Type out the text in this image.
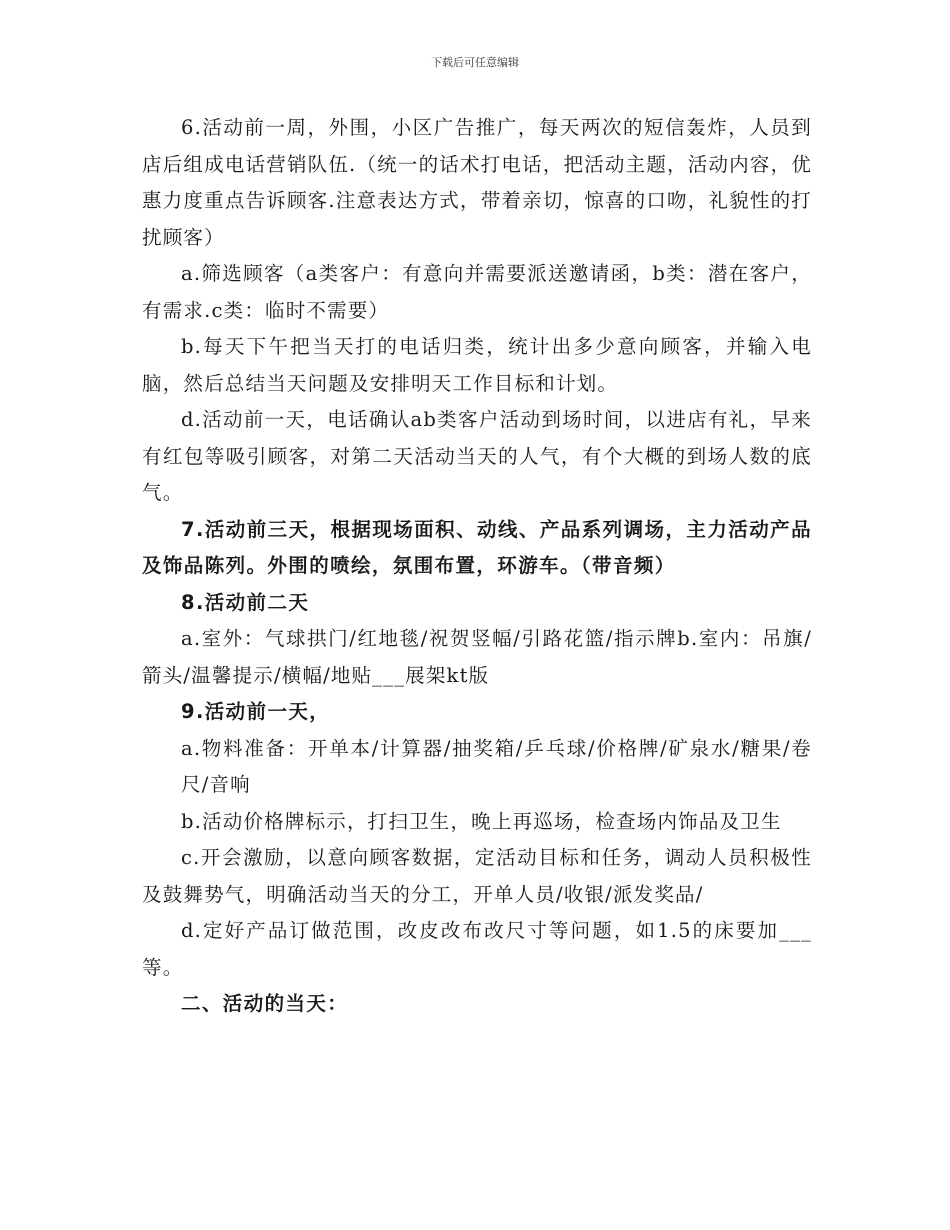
下载后可任意编辑

6.活动前一周，外围，小区广告推广，每天两次的短信轰炸，人员到店后组成电话营销队伍.（统一的话术打电话，把活动主题，活动内容，优惠力度重点告诉顾客.注意表达方式，带着亲切，惊喜的口吻，礼貌性的打扰顾客）

a.筛选顾客（a类客户：有意向并需要派送邀请函，b类：潜在客户，有需求.c类：临时不需要）

b.每天下午把当天打的电话归类，统计出多少意向顾客，并输入电脑，然后总结当天问题及安排明天工作目标和计划。

d.活动前一天，电话确认ab类客户活动到场时间，以进店有礼，早来有红包等吸引顾客，对第二天活动当天的人气，有个大概的到场人数的底气。

7.活动前三天，根据现场面积、动线、产品系列调场，主力活动产品及饰品陈列。外围的喷绘，氛围布置，环游车。（带音频）

8.活动前二天

a.室外：气球拱门/红地毯/祝贺竖幅/引路花篮/指示牌b.室内：吊旗/箭头/温馨提示/横幅/地贴___展架kt版

9.活动前一天，

a.物料准备：开单本/计算器/抽奖箱/乒乓球/价格牌/矿泉水/糖果/卷尺/音响

b.活动价格牌标示，打扫卫生，晚上再巡场，检查场内饰品及卫生

c.开会激励，以意向顾客数据，定活动目标和任务，调动人员积极性及鼓舞势气，明确活动当天的分工，开单人员/收银/派发奖品/

d.定好产品订做范围，改皮改布改尺寸等问题，如1.5的床要加___等。

二、活动的当天：
